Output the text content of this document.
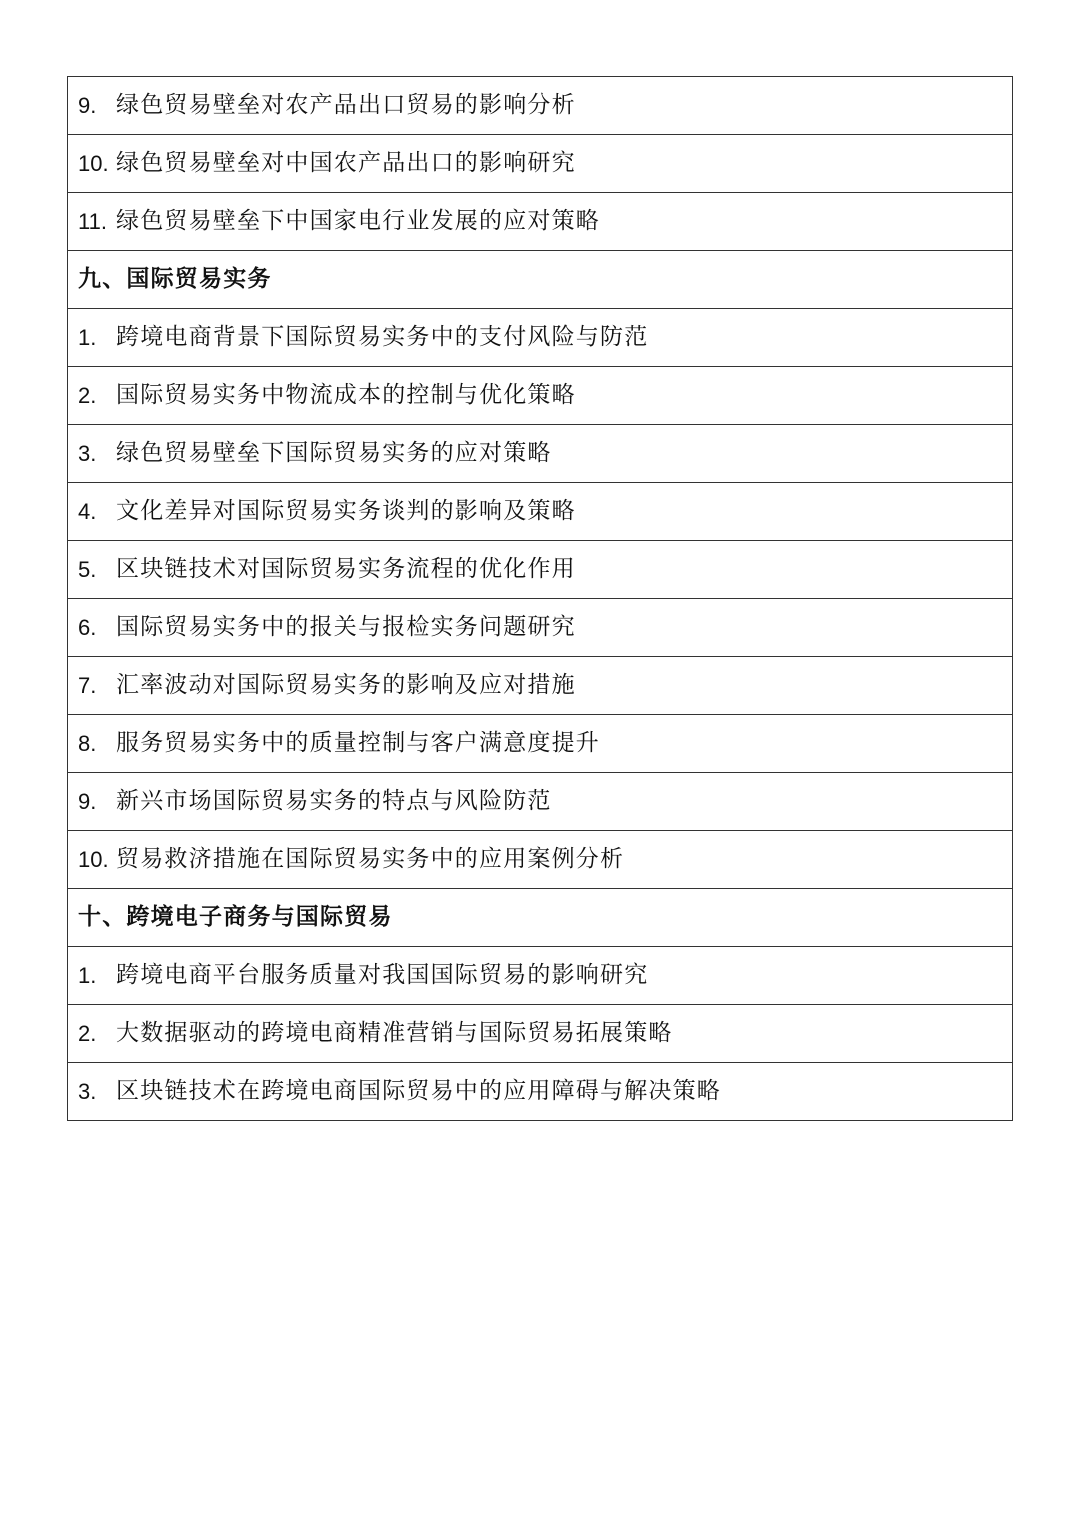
9. 绿色贸易壁垒对农产品出口贸易的影响分析

10. 绿色贸易壁垒对中国农产品出口的影响研究

11. 绿色贸易壁垒下中国家电行业发展的应对策略

九、国际贸易实务

1. 跨境电商背景下国际贸易实务中的支付风险与防范

2. 国际贸易实务中物流成本的控制与优化策略

3. 绿色贸易壁垒下国际贸易实务的应对策略

4. 文化差异对国际贸易实务谈判的影响及策略

5. 区块链技术对国际贸易实务流程的优化作用

6. 国际贸易实务中的报关与报检实务问题研究

7. 汇率波动对国际贸易实务的影响及应对措施

8. 服务贸易实务中的质量控制与客户满意度提升

9. 新兴市场国际贸易实务的特点与风险防范

10. 贸易救济措施在国际贸易实务中的应用案例分析

十、跨境电子商务与国际贸易

1. 跨境电商平台服务质量对我国国际贸易的影响研究

2. 大数据驱动的跨境电商精准营销与国际贸易拓展策略

3. 区块链技术在跨境电商国际贸易中的应用障碍与解决策略
